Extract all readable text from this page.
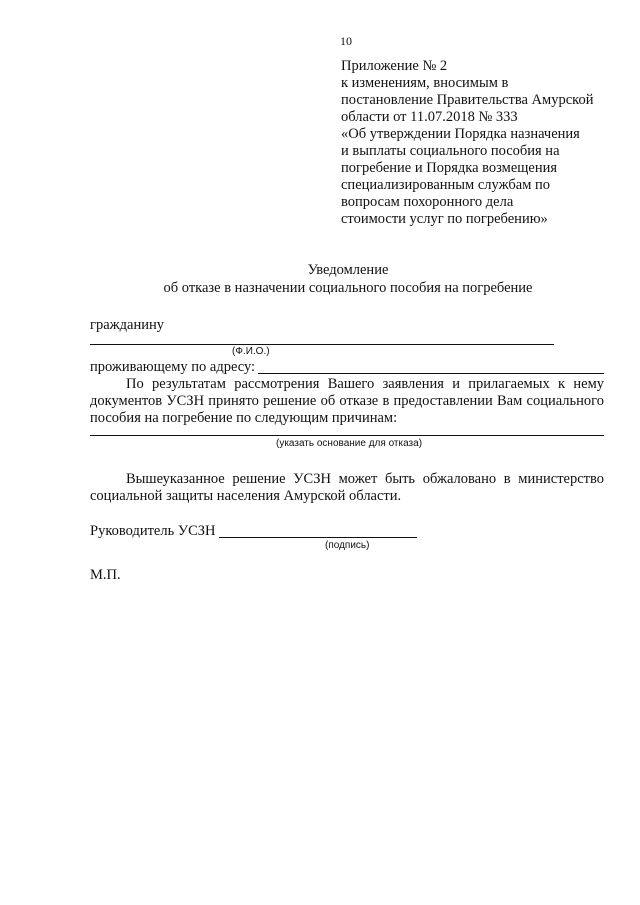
10
Приложение № 2
к изменениям, вносимым в
постановление Правительства Амурской
области от 11.07.2018 № 333
«Об утверждении Порядка назначения
и выплаты социального пособия на
погребение и Порядка возмещения
специализированным службам по
вопросам похоронного дела
стоимости услуг по погребению»
Уведомление
об отказе в назначении социального пособия на погребение
гражданину
(Ф.И.О.)
проживающему по адресу:
По результатам рассмотрения Вашего заявления и прилагаемых к нему
документов УСЗН принято решение об отказе в предоставлении Вам социального
пособия на погребение по следующим причинам:
(указать основание для отказа)
Вышеуказанное решение УСЗН может быть обжаловано в министерство
социальной защиты населения Амурской области.
Руководитель УСЗН
(подпись)
М.П.
